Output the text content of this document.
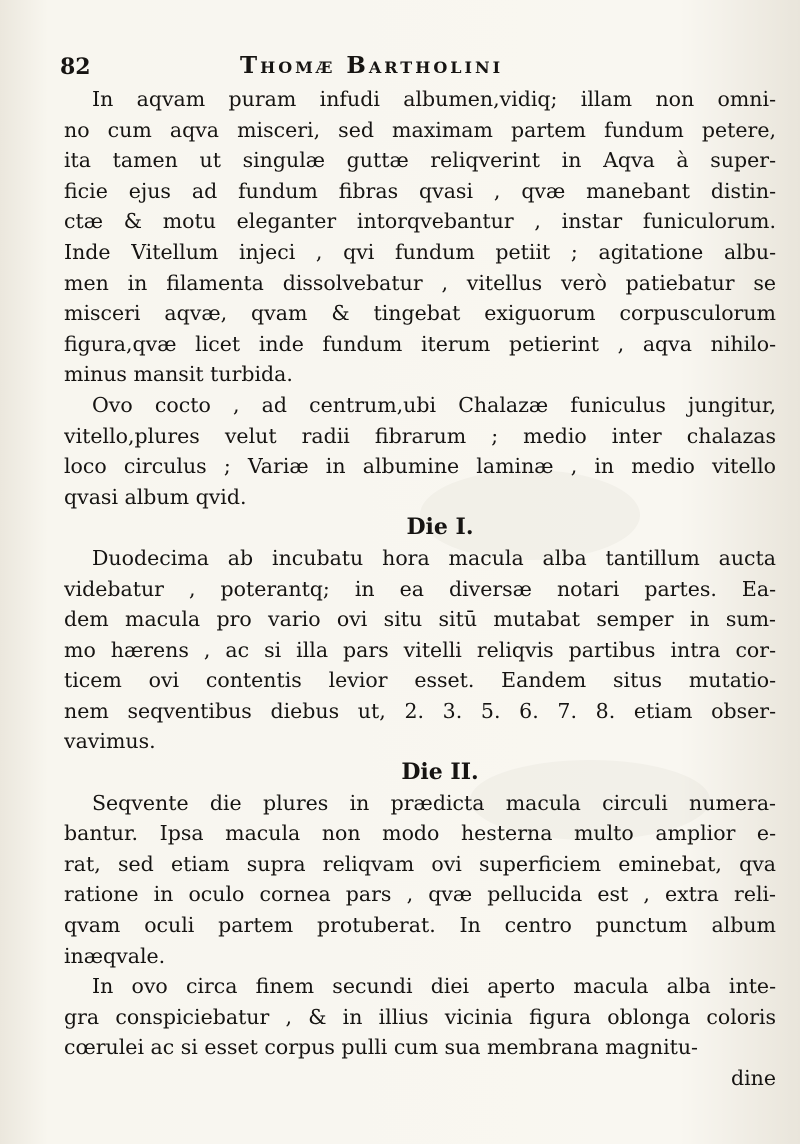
82	Thomæ Bartholini
In aqvam puram infudi albumen,vidiq; illam non omni-
no cum aqva misceri, sed maximam partem fundum petere,
ita tamen ut singulæ guttæ reliqverint in Aqva à super-
ficie ejus ad fundum fibras qvasi , qvæ manebant distin-
ctæ & motu eleganter intorqvebantur , instar funiculorum.
Inde Vitellum injeci , qvi fundum petiit ; agitatione albu-
men in filamenta dissolvebatur , vitellus verò patiebatur se
misceri aqvæ, qvam & tingebat exiguorum corpusculorum
figura,qvæ licet inde fundum iterum petierint , aqva nihilo-
minus mansit turbida.
Ovo cocto , ad centrum,ubi Chalazæ funiculus jungitur,
vitello,plures velut radii fibrarum ; medio inter chalazas
loco circulus ; Variæ in albumine laminæ , in medio vitello
qvasi album qvid.
Die I.
Duodecima ab incubatu hora macula alba tantillum aucta
videbatur , poterantq; in ea diversæ notari partes. Ea-
dem macula pro vario ovi situ sitū mutabat semper in sum-
mo hærens , ac si illa pars vitelli reliqvis partibus intra cor-
ticem ovi contentis levior esset. Eandem situs mutatio-
nem seqventibus diebus ut, 2. 3. 5. 6. 7. 8. etiam obser-
vavimus.
Die II.
Seqvente die plures in prædicta macula circuli numera-
bantur. Ipsa macula non modo hesterna multo amplior e-
rat, sed etiam supra reliqvam ovi superficiem eminebat, qva
ratione in oculo cornea pars , qvæ pellucida est , extra reli-
qvam oculi partem protuberat. In centro punctum album
inæqvale.
In ovo circa finem secundi diei aperto macula alba inte-
gra conspiciebatur , & in illius vicinia figura oblonga coloris
cœrulei ac si esset corpus pulli cum sua membrana magnitu-
dine
